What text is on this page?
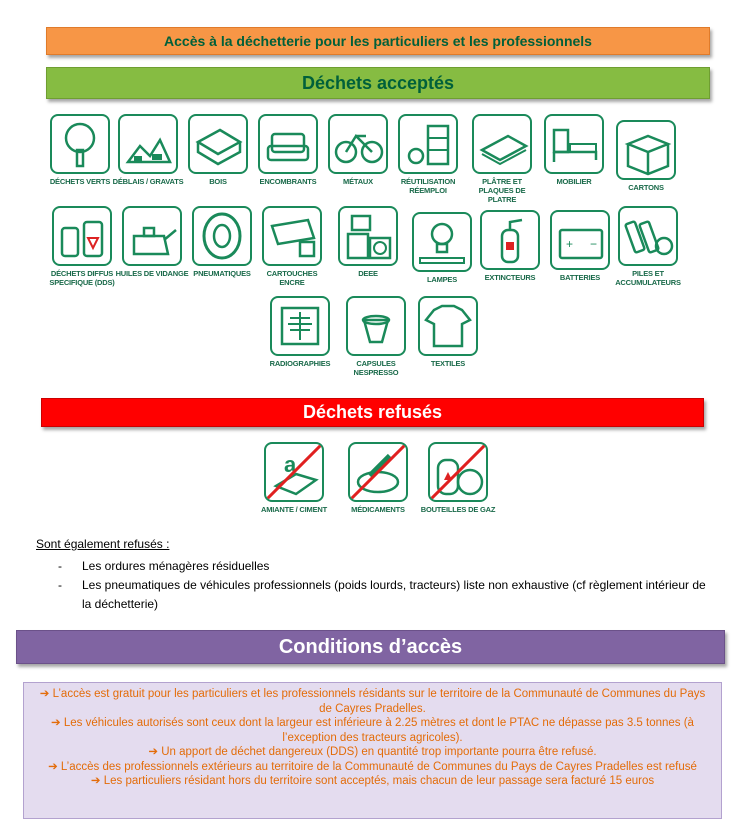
Accès à la déchetterie pour les particuliers et les professionnels
Déchets acceptés
DÉCHETS VERTS DÉBLAIS / GRAVATS	BOIS	ENCOMBRANTS	MÉTAUX	RÉUTILISATION RÉEMPLOI
PLÂTRE ET PLAQUES DE PLATRE
MOBILIER
CARTONS
DÉCHETS DIFFUS SPECIFIQUE (DDS)
HUILES DE VIDANGE PNEUMATIQUES	CARTOUCHES ENCRE
DEEE
LAMPES	EXTINCTEURS
+ −
BATTERIES	PILES ET ACCUMULATEURS
RADIOGRAPHIES	CAPSULES NESPRESSO
TEXTILES
Déchets refusés
a
AMIANTE / CIMENT	MÉDICAMENTS	BOUTEILLES DE GAZ
Sont également refusés :
- Les ordures ménagères résiduelles
- Les pneumatiques de véhicules professionnels (poids lourds, tracteurs) liste non exhaustive (cf règlement intérieur de la déchetterie)
Conditions d’accès

➔ L’accès est gratuit pour les particuliers et les professionnels résidants sur le territoire de la Communauté de Communes du Pays de Cayres Pradelles.

➔ Les véhicules autorisés sont ceux dont la largeur est inférieure à 2.25 mètres et dont le PTAC ne dépasse pas 3.5 tonnes (à l’exception des tracteurs agricoles).

➔ Un apport de déchet dangereux (DDS) en quantité trop importante pourra être refusé.

➔ L’accès des professionnels extérieurs au territoire de la Communauté de Communes du Pays de Cayres Pradelles est refusé

➔ Les particuliers résidant hors du territoire sont acceptés, mais chacun de leur passage sera facturé 15 euros
